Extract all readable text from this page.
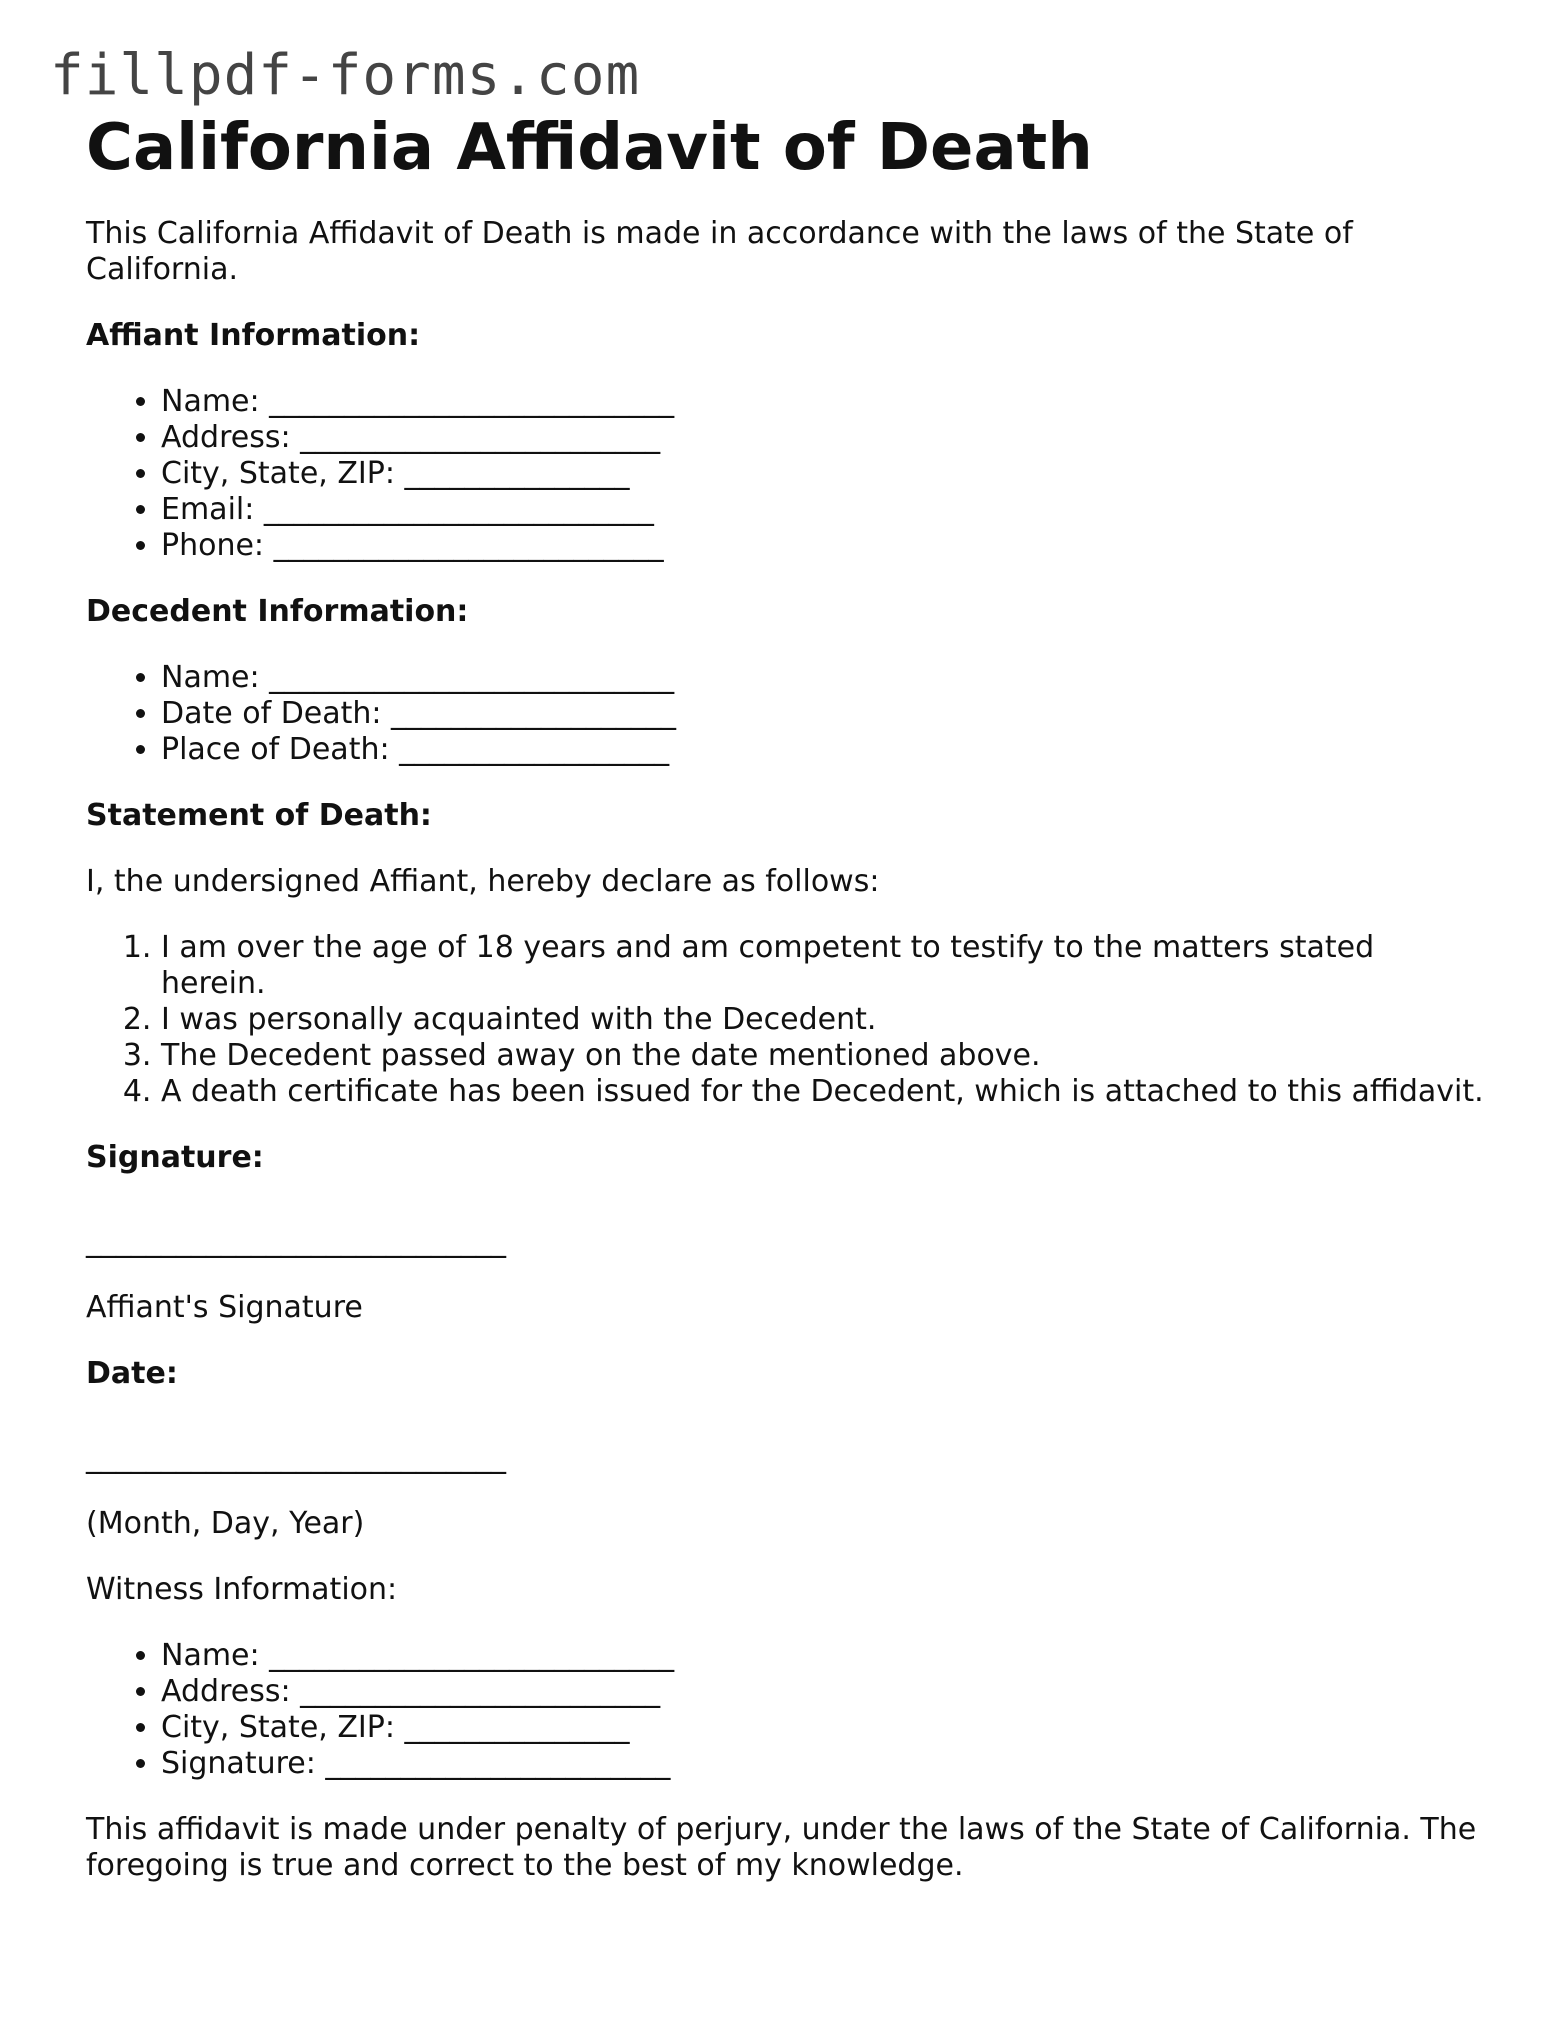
fillpdf-forms.com
California Affidavit of Death

This California Affidavit of Death is made in accordance with the laws of the State of California.

Affiant Information:

• Name: ___________________________
• Address: ________________________
• City, State, ZIP: _______________
• Email: __________________________
• Phone: __________________________

Decedent Information:

• Name: ___________________________
• Date of Death: ___________________
• Place of Death: __________________

Statement of Death:

I, the undersigned Affiant, hereby declare as follows:

1. I am over the age of 18 years and am competent to testify to the matters stated herein.
2. I was personally acquainted with the Decedent.
3. The Decedent passed away on the date mentioned above.
4. A death certificate has been issued for the Decedent, which is attached to this affidavit.

Signature:

____________________________

Affiant's Signature

Date:

____________________________

(Month, Day, Year)

Witness Information:

• Name: ___________________________
• Address: ________________________
• City, State, ZIP: _______________
• Signature: _______________________

This affidavit is made under penalty of perjury, under the laws of the State of California. The foregoing is true and correct to the best of my knowledge.
